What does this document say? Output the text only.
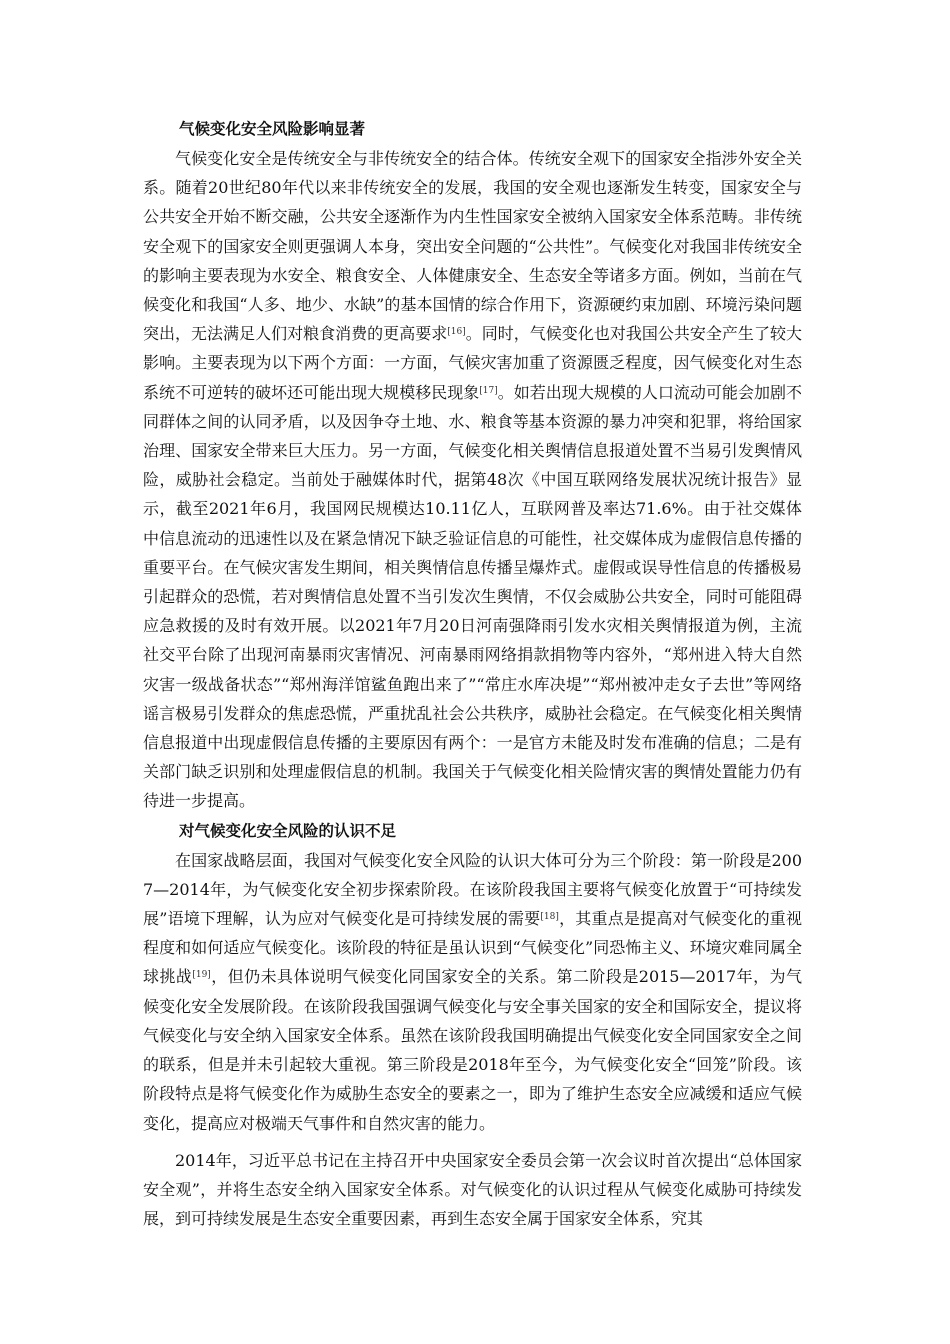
气候变化安全风险影响显著

气候变化安全是传统安全与非传统安全的结合体。传统安全观下的国家安全指涉外安全关系。随着20世纪80年代以来非传统安全的发展，我国的安全观也逐渐发生转变，国家安全与公共安全开始不断交融，公共安全逐渐作为内生性国家安全被纳入国家安全体系范畴。非传统安全观下的国家安全则更强调人本身，突出安全问题的“公共性”。气候变化对我国非传统安全的影响主要表现为水安全、粮食安全、人体健康安全、生态安全等诸多方面。例如，当前在气候变化和我国“人多、地少、水缺”的基本国情的综合作用下，资源硬约束加剧、环境污染问题突出，无法满足人们对粮食消费的更高要求[16]。同时，气候变化也对我国公共安全产生了较大影响。主要表现为以下两个方面：一方面，气候灾害加重了资源匮乏程度，因气候变化对生态系统不可逆转的破坏还可能出现大规模移民现象[17]。如若出现大规模的人口流动可能会加剧不同群体之间的认同矛盾，以及因争夺土地、水、粮食等基本资源的暴力冲突和犯罪，将给国家治理、国家安全带来巨大压力。另一方面，气候变化相关舆情信息报道处置不当易引发舆情风险，威胁社会稳定。当前处于融媒体时代，据第48次《中国互联网络发展状况统计报告》显示，截至2021年6月，我国网民规模达10.11亿人，互联网普及率达71.6%。由于社交媒体中信息流动的迅速性以及在紧急情况下缺乏验证信息的可能性，社交媒体成为虚假信息传播的重要平台。在气候灾害发生期间，相关舆情信息传播呈爆炸式。虚假或误导性信息的传播极易引起群众的恐慌，若对舆情信息处置不当引发次生舆情，不仅会威胁公共安全，同时可能阻碍应急救援的及时有效开展。以2021年7月20日河南强降雨引发水灾相关舆情报道为例，主流社交平台除了出现河南暴雨灾害情况、河南暴雨网络捐款捐物等内容外，“郑州进入特大自然灾害一级战备状态”“郑州海洋馆鲨鱼跑出来了”“常庄水库决堤”“郑州被冲走女子去世”等网络谣言极易引发群众的焦虑恐慌，严重扰乱社会公共秩序，威胁社会稳定。在气候变化相关舆情信息报道中出现虚假信息传播的主要原因有两个：一是官方未能及时发布准确的信息；二是有关部门缺乏识别和处理虚假信息的机制。我国关于气候变化相关险情灾害的舆情处置能力仍有待进一步提高。

对气候变化安全风险的认识不足

在国家战略层面，我国对气候变化安全风险的认识大体可分为三个阶段：第一阶段是2007—2014年，为气候变化安全初步探索阶段。在该阶段我国主要将气候变化放置于“可持续发展”语境下理解，认为应对气候变化是可持续发展的需要[18]，其重点是提高对气候变化的重视程度和如何适应气候变化。该阶段的特征是虽认识到“气候变化”同恐怖主义、环境灾难同属全球挑战[19]，但仍未具体说明气候变化同国家安全的关系。第二阶段是2015—2017年，为气候变化安全发展阶段。在该阶段我国强调气候变化与安全事关国家的安全和国际安全，提议将气候变化与安全纳入国家安全体系。虽然在该阶段我国明确提出气候变化安全同国家安全之间的联系，但是并未引起较大重视。第三阶段是2018年至今，为气候变化安全“回笼”阶段。该阶段特点是将气候变化作为威胁生态安全的要素之一，即为了维护生态安全应减缓和适应气候变化，提高应对极端天气事件和自然灾害的能力。

2014年，习近平总书记在主持召开中央国家安全委员会第一次会议时首次提出“总体国家安全观”，并将生态安全纳入国家安全体系。对气候变化的认识过程从气候变化威胁可持续发展，到可持续发展是生态安全重要因素，再到生态安全属于国家安全体系，究其
